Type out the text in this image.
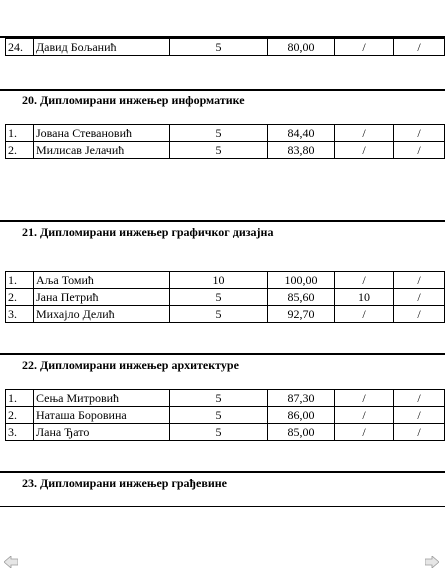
24.	Давид Бољанић	5	80,00	/	/
20. Дипломирани инжењер информатике
1.	Јована Стевановић	5	84,40	/	/
2.	Милисав Јелачић	5	83,80	/	/
21. Дипломирани инжењер графичког дизајна
1.	Аља Томић	10	100,00	/	/
2.	Јана Петрић	5	85,60	10	/
3.	Михајло Делић	5	92,70	/	/
22. Дипломирани инжењер архитектуре
1.	Сења Митровић	5	87,30	/	/
2.	Наташа Боровина	5	86,00	/	/
3.	Лана Ђато	5	85,00	/	/
23. Дипломирани инжењер грађевине
